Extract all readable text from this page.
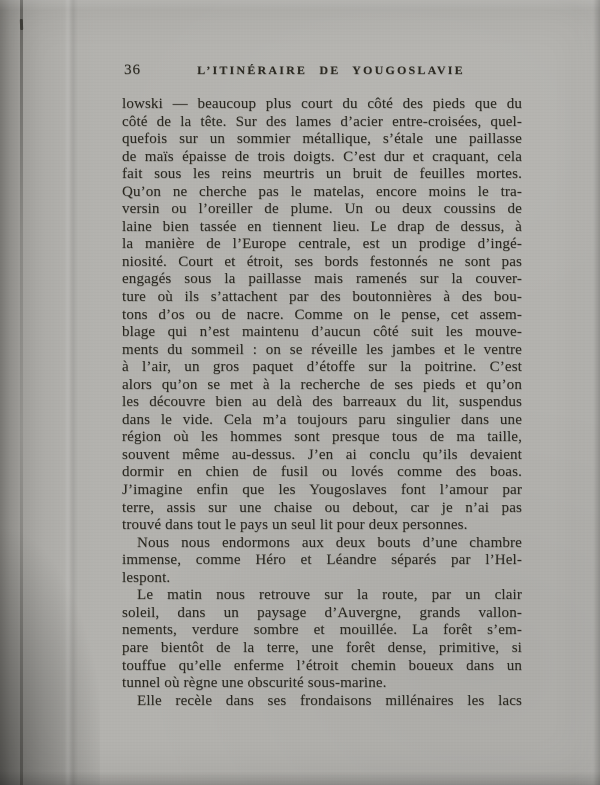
36	L’ITINÉRAIRE DE YOUGOSLAVIE
lowski — beaucoup plus court du côté des pieds que du
côté de la tête. Sur des lames d’acier entre-croisées, quel-
quefois sur un sommier métallique, s’étale une paillasse
de maïs épaisse de trois doigts. C’est dur et craquant, cela
fait sous les reins meurtris un bruit de feuilles mortes.
Qu’on ne cherche pas le matelas, encore moins le tra-
versin ou l’oreiller de plume. Un ou deux coussins de
laine bien tassée en tiennent lieu. Le drap de dessus, à
la manière de l’Europe centrale, est un prodige d’ingé-
niosité. Court et étroit, ses bords festonnés ne sont pas
engagés sous la paillasse mais ramenés sur la couver-
ture où ils s’attachent par des boutonnières à des bou-
tons d’os ou de nacre. Comme on le pense, cet assem-
blage qui n’est maintenu d’aucun côté suit les mouve-
ments du sommeil : on se réveille les jambes et le ventre
à l’air, un gros paquet d’étoffe sur la poitrine. C’est
alors qu’on se met à la recherche de ses pieds et qu’on
les découvre bien au delà des barreaux du lit, suspendus
dans le vide. Cela m’a toujours paru singulier dans une
région où les hommes sont presque tous de ma taille,
souvent même au-dessus. J’en ai conclu qu’ils devaient
dormir en chien de fusil ou lovés comme des boas.
J’imagine enfin que les Yougoslaves font l’amour par
terre, assis sur une chaise ou debout, car je n’ai pas
trouvé dans tout le pays un seul lit pour deux personnes.
Nous nous endormons aux deux bouts d’une chambre
immense, comme Héro et Léandre séparés par l’Hel-
lespont.
Le matin nous retrouve sur la route, par un clair
soleil, dans un paysage d’Auvergne, grands vallon-
nements, verdure sombre et mouillée. La forêt s’em-
pare bientôt de la terre, une forêt dense, primitive, si
touffue qu’elle enferme l’étroit chemin boueux dans un
tunnel où règne une obscurité sous-marine.
Elle recèle dans ses frondaisons millénaires les lacs
